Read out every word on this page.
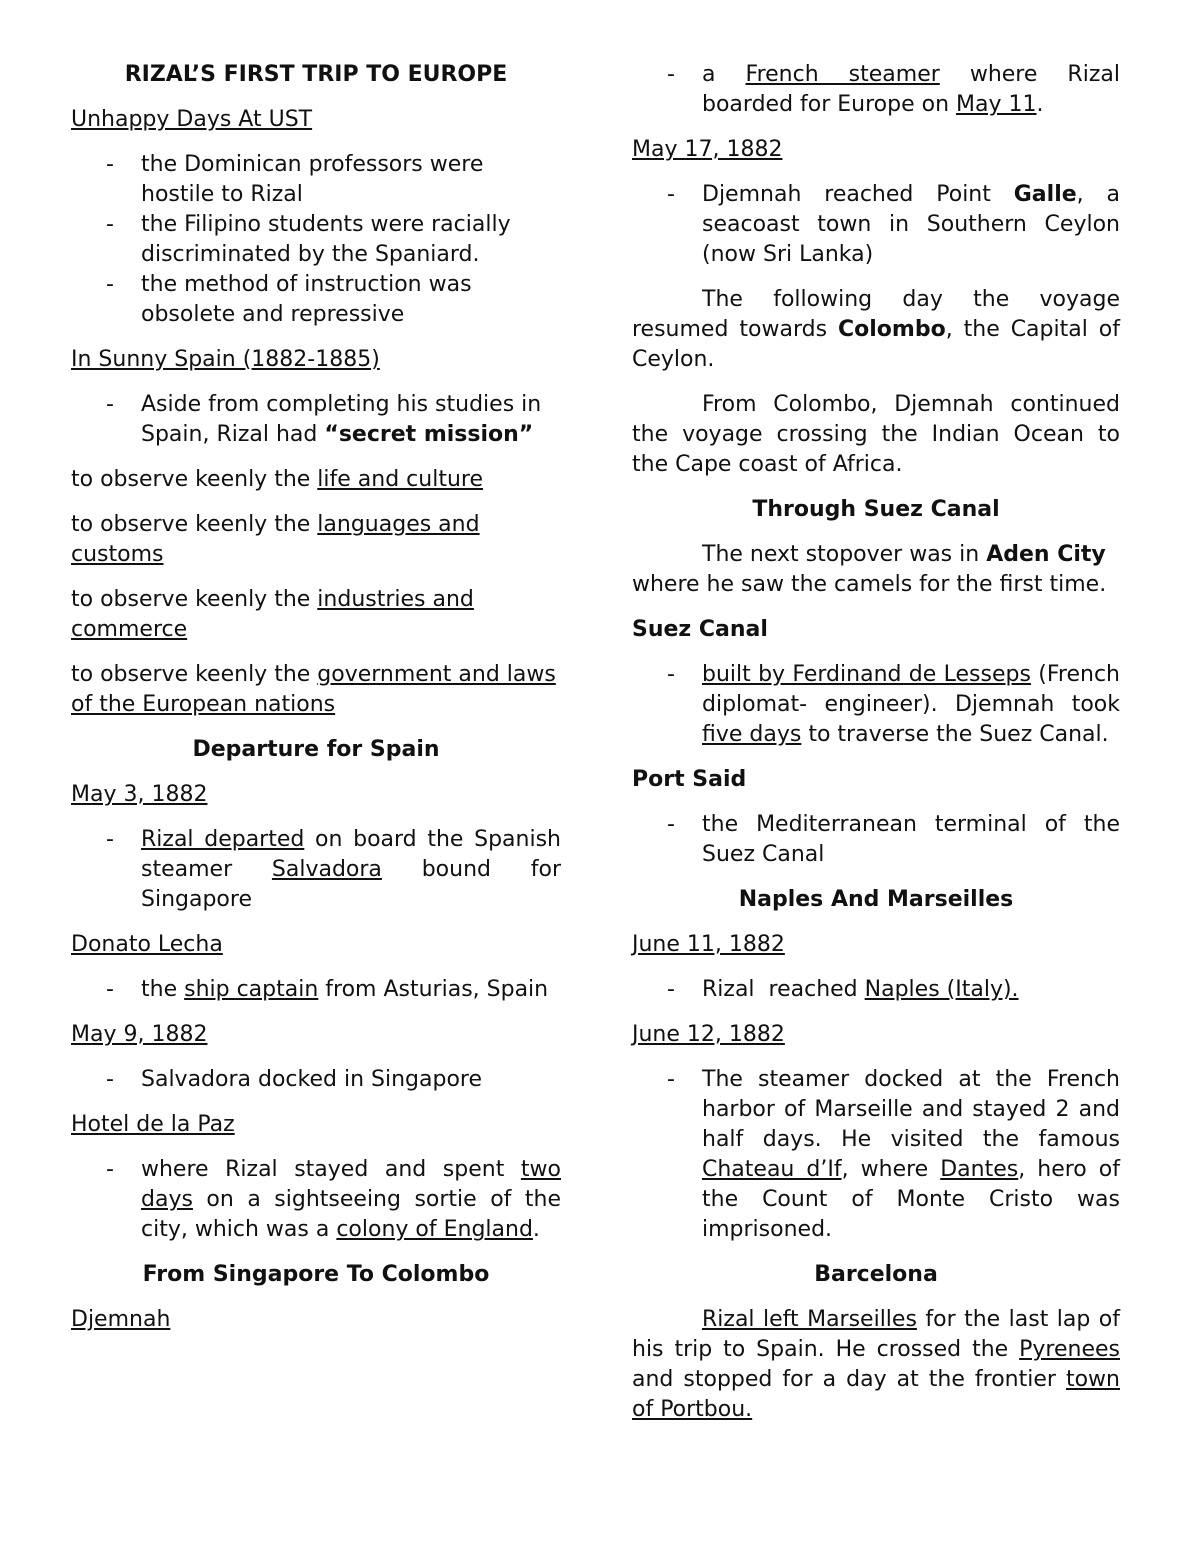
RIZAL’S FIRST TRIP TO EUROPE

Unhappy Days At UST

- the Dominican professors were hostile to Rizal
- the Filipino students were racially discriminated by the Spaniard.
- the method of instruction was obsolete and repressive

In Sunny Spain (1882-1885)

- Aside from completing his studies in Spain, Rizal had “secret mission”

to observe keenly the life and culture

to observe keenly the languages and customs

to observe keenly the industries and commerce

to observe keenly the government and laws of the European nations

Departure for Spain

May 3, 1882

- Rizal departed on board the Spanish steamer Salvadora bound for Singapore

Donato Lecha

- the ship captain from Asturias, Spain

May 9, 1882

- Salvadora docked in Singapore

Hotel de la Paz

- where Rizal stayed and spent two days on a sightseeing sortie of the city, which was a colony of England.

From Singapore To Colombo

Djemnah

- a French steamer where Rizal boarded for Europe on May 11.

May 17, 1882

- Djemnah reached Point Galle, a seacoast town in Southern Ceylon (now Sri Lanka)

The following day the voyage resumed towards Colombo, the Capital of Ceylon.

From Colombo, Djemnah continued the voyage crossing the Indian Ocean to the Cape coast of Africa.

Through Suez Canal

The next stopover was in Aden City where he saw the camels for the first time.

Suez Canal

- built by Ferdinand de Lesseps (French diplomat- engineer). Djemnah took five days to traverse the Suez Canal.

Port Said

- the Mediterranean terminal of the Suez Canal

Naples And Marseilles

June 11, 1882

- Rizal  reached Naples (Italy).

June 12, 1882

- The steamer docked at the French harbor of Marseille and stayed 2 and half days. He visited the famous Chateau d’If, where Dantes, hero of the Count of Monte Cristo was imprisoned.

Barcelona

Rizal left Marseilles for the last lap of his trip to Spain. He crossed the Pyrenees and stopped for a day at the frontier town of Portbou.
